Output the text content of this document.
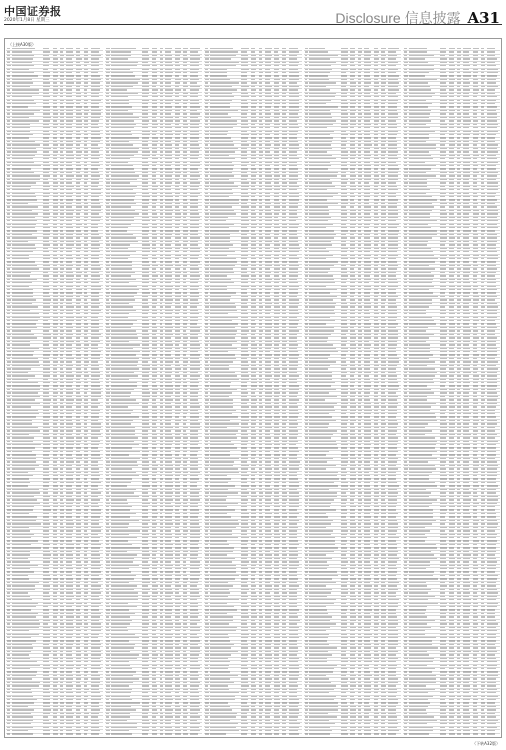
中国证券报
2020年1月8日 星期三	Disclosure 信息披露 A31
（上接A30版）
（下转A32版）
